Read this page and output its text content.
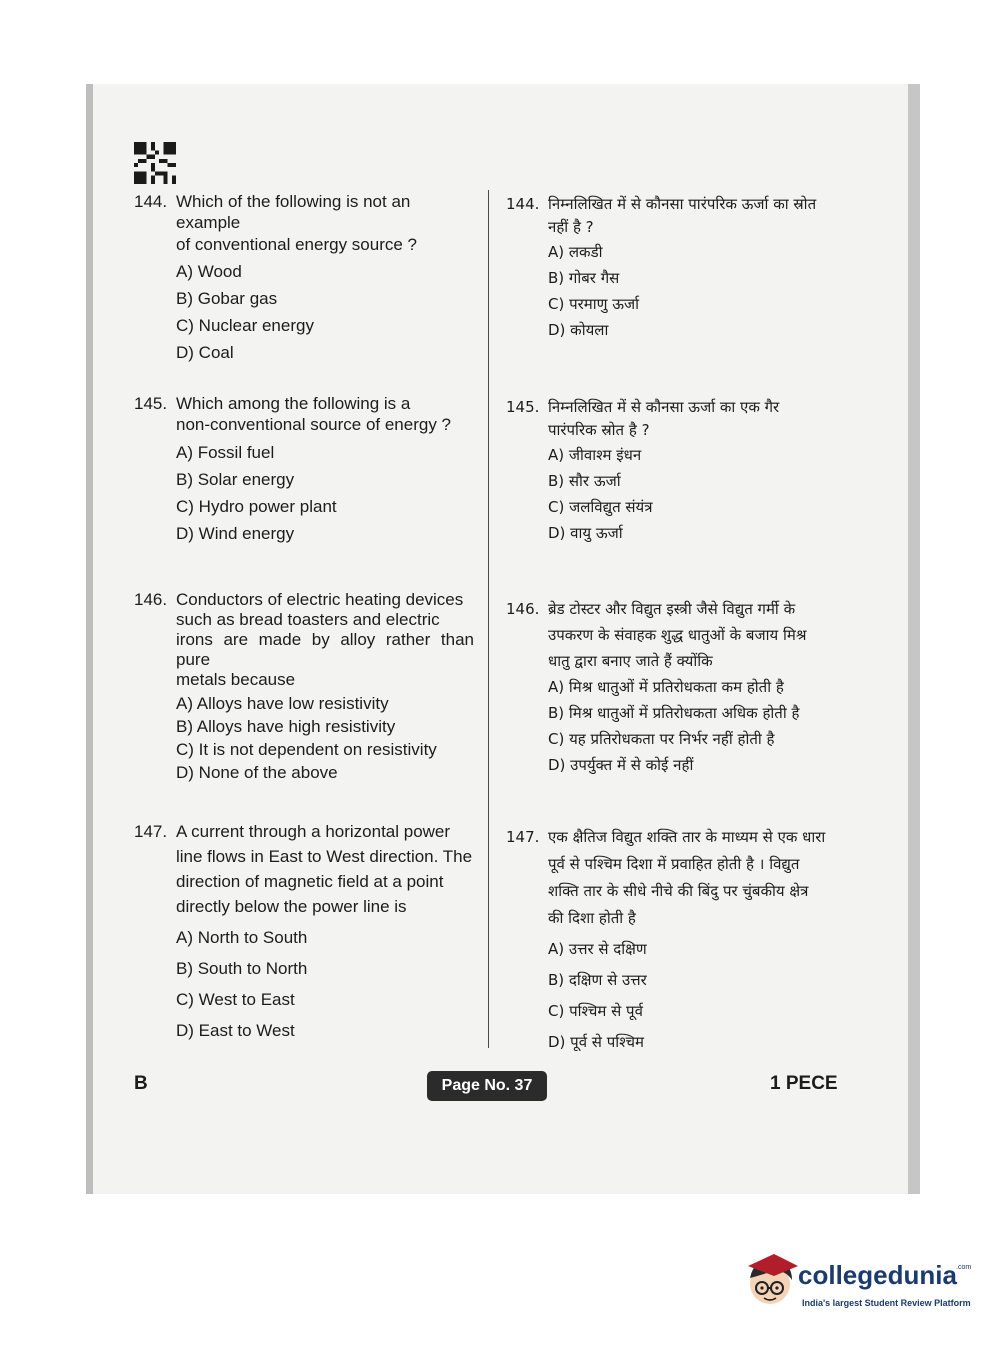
144. Which of the following is not an example
of conventional energy source ?
A) Wood
B) Gobar gas
C) Nuclear energy
D) Coal
145. Which among the following is a
non-conventional source of energy ?
A) Fossil fuel
B) Solar energy
C) Hydro power plant
D) Wind energy
146. Conductors of electric heating devices
such as bread toasters and electric
irons are made by alloy rather than pure
metals because
A) Alloys have low resistivity
B) Alloys have high resistivity
C) It is not dependent on resistivity
D) None of the above
147. A current through a horizontal power
line flows in East to West direction. The
direction of magnetic field at a point
directly below the power line is
A) North to South
B) South to North
C) West to East
D) East to West
144. निम्नलिखित में से कौनसा पारंपरिक ऊर्जा का स्रोत
नहीं है ?
A) लकडी
B) गोबर गैस
C) परमाणु ऊर्जा
D) कोयला
145. निम्नलिखित में से कौनसा ऊर्जा का एक गैर
पारंपरिक स्रोत है ?
A) जीवाश्म इंधन
B) सौर ऊर्जा
C) जलविद्युत संयंत्र
D) वायु ऊर्जा
146. ब्रेड टोस्टर और विद्युत इस्त्री जैसे विद्युत गर्मी के
उपकरण के संवाहक शुद्ध धातुओं के बजाय मिश्र
धातु द्वारा बनाए जाते हैं क्योंकि
A) मिश्र धातुओं में प्रतिरोधकता कम होती है
B) मिश्र धातुओं में प्रतिरोधकता अधिक होती है
C) यह प्रतिरोधकता पर निर्भर नहीं होती है
D) उपर्युक्त में से कोई नहीं
147. एक क्षैतिज विद्युत शक्ति तार के माध्यम से एक धारा
पूर्व से पश्चिम दिशा में प्रवाहित होती है । विद्युत
शक्ति तार के सीधे नीचे की बिंदु पर चुंबकीय क्षेत्र
की दिशा होती है
A) उत्तर से दक्षिण
B) दक्षिण से उत्तर
C) पश्चिम से पूर्व
D) पूर्व से पश्चिम
B	Page No. 37	1 PECE
collegedunia .com
India's largest Student Review Platform
